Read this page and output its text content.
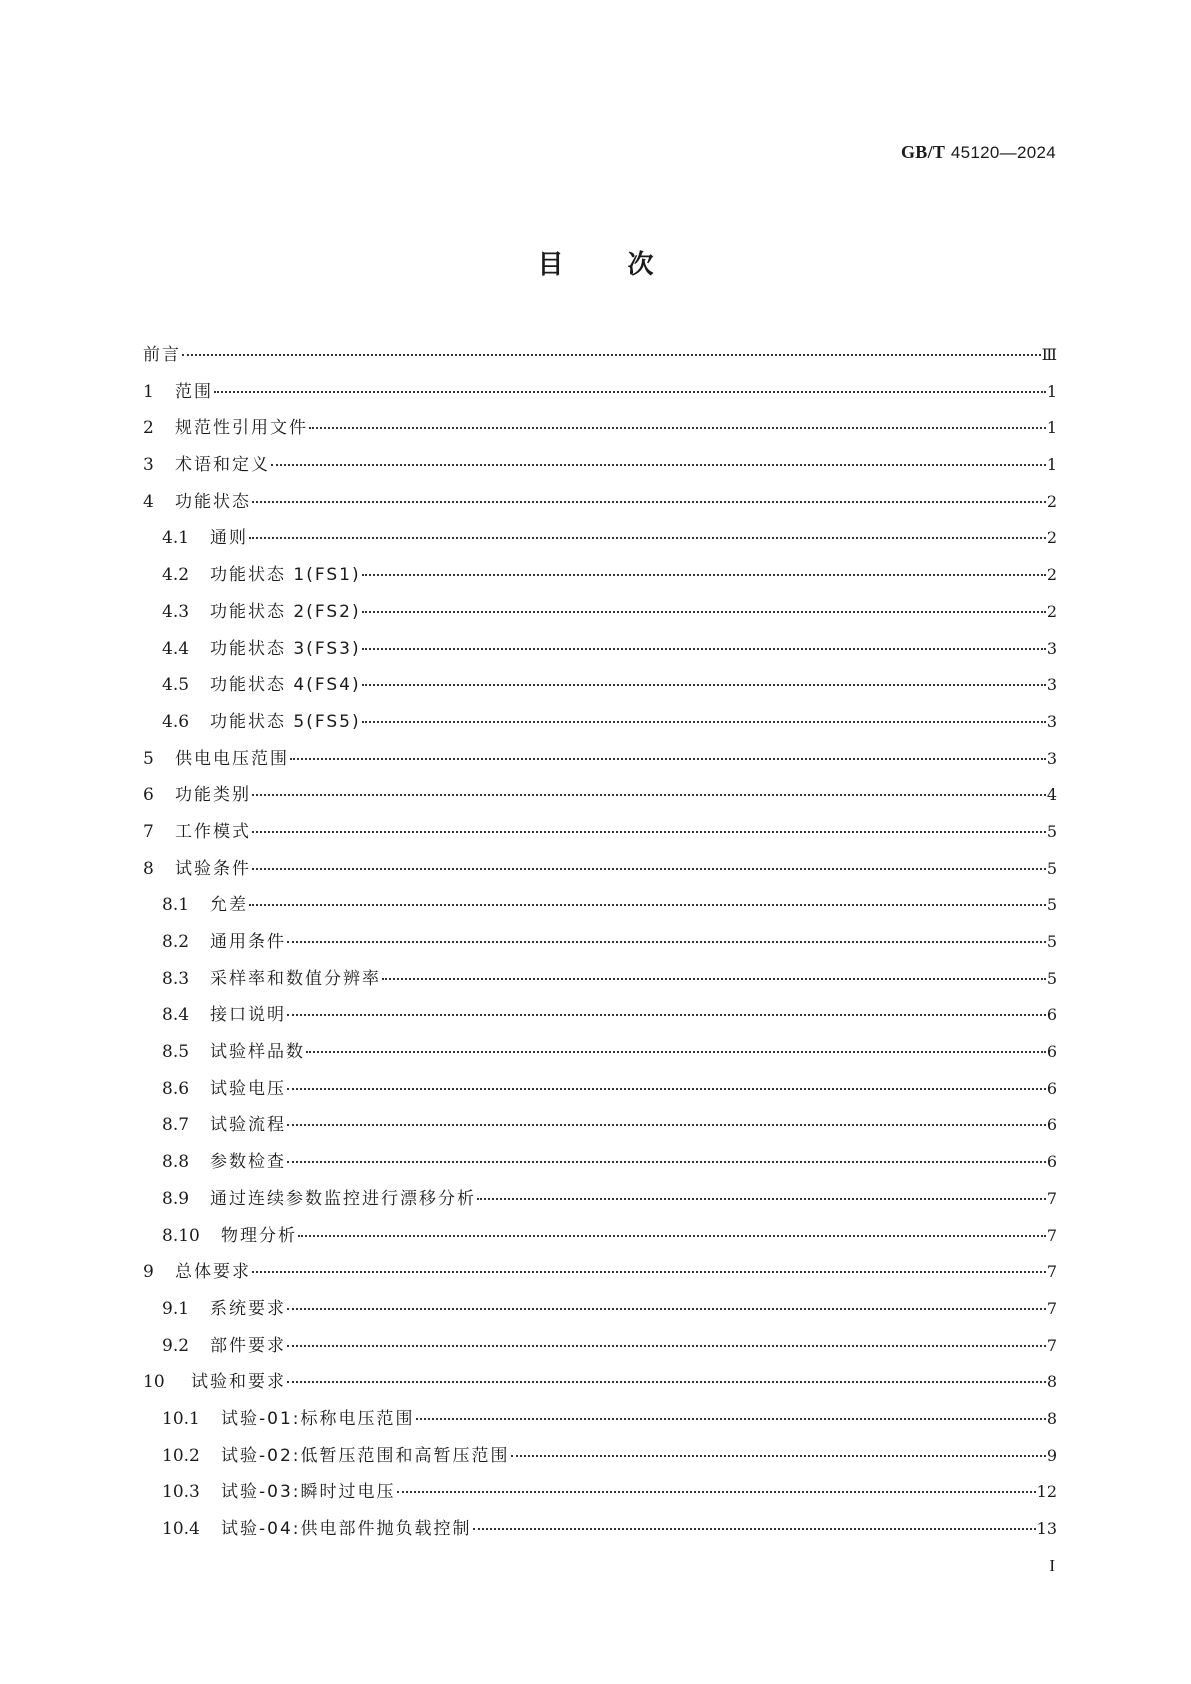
GB/T 45120—2024
目 次
前言	Ⅲ
1	范围	1
2	规范性引用文件	1
3	术语和定义	1
4	功能状态	2
4.1	通则	2
4.2	功能状态 1(FS1)	2
4.3	功能状态 2(FS2)	2
4.4	功能状态 3(FS3)	3
4.5	功能状态 4(FS4)	3
4.6	功能状态 5(FS5)	3
5	供电电压范围	3
6	功能类别	4
7	工作模式	5
8	试验条件	5
8.1	允差	5
8.2	通用条件	5
8.3	采样率和数值分辨率	5
8.4	接口说明	6
8.5	试验样品数	6
8.6	试验电压	6
8.7	试验流程	6
8.8	参数检查	6
8.9	通过连续参数监控进行漂移分析	7
8.10	物理分析	7
9	总体要求	7
9.1	系统要求	7
9.2	部件要求	7
10	试验和要求	8
10.1	试验-01:标称电压范围	8
10.2	试验-02:低暂压范围和高暂压范围	9
10.3	试验-03:瞬时过电压	12
10.4	试验-04:供电部件抛负载控制	13
I
